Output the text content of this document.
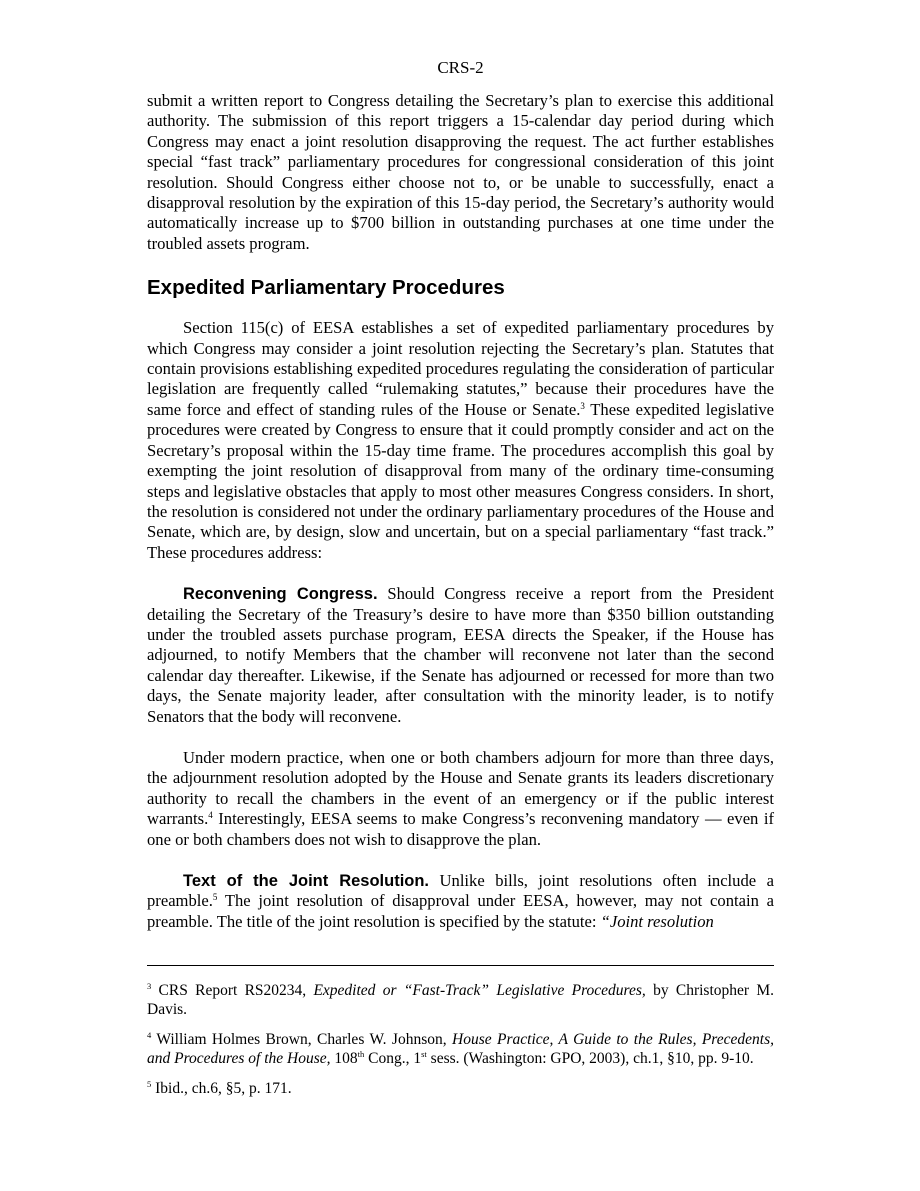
CRS-2

submit a written report to Congress detailing the Secretary’s plan to exercise this additional authority. The submission of this report triggers a 15-calendar day period during which Congress may enact a joint resolution disapproving the request. The act further establishes special “fast track” parliamentary procedures for congressional consideration of this joint resolution. Should Congress either choose not to, or be unable to successfully, enact a disapproval resolution by the expiration of this 15-day period, the Secretary’s authority would automatically increase up to $700 billion in outstanding purchases at one time under the troubled assets program.

Expedited Parliamentary Procedures

Section 115(c) of EESA establishes a set of expedited parliamentary procedures by which Congress may consider a joint resolution rejecting the Secretary’s plan. Statutes that contain provisions establishing expedited procedures regulating the consideration of particular legislation are frequently called “rulemaking statutes,” because their procedures have the same force and effect of standing rules of the House or Senate.$^3$ These expedited legislative procedures were created by Congress to ensure that it could promptly consider and act on the Secretary’s proposal within the 15-day time frame. The procedures accomplish this goal by exempting the joint resolution of disapproval from many of the ordinary time-consuming steps and legislative obstacles that apply to most other measures Congress considers. In short, the resolution is considered not under the ordinary parliamentary procedures of the House and Senate, which are, by design, slow and uncertain, but on a special parliamentary “fast track.” These procedures address:

Reconvening Congress. Should Congress receive a report from the President detailing the Secretary of the Treasury’s desire to have more than $350 billion outstanding under the troubled assets purchase program, EESA directs the Speaker, if the House has adjourned, to notify Members that the chamber will reconvene not later than the second calendar day thereafter. Likewise, if the Senate has adjourned or recessed for more than two days, the Senate majority leader, after consultation with the minority leader, is to notify Senators that the body will reconvene.

Under modern practice, when one or both chambers adjourn for more than three days, the adjournment resolution adopted by the House and Senate grants its leaders discretionary authority to recall the chambers in the event of an emergency or if the public interest warrants.$^4$ Interestingly, EESA seems to make Congress’s reconvening mandatory — even if one or both chambers does not wish to disapprove the plan.

Text of the Joint Resolution. Unlike bills, joint resolutions often include a preamble.$^5$ The joint resolution of disapproval under EESA, however, may not contain a preamble. The title of the joint resolution is specified by the statute: “Joint resolution

$^3$ CRS Report RS20234, Expedited or “Fast-Track” Legislative Procedures, by Christopher M. Davis.
$^4$ William Holmes Brown, Charles W. Johnson, House Practice, A Guide to the Rules, Precedents, and Procedures of the House, 108th Cong., 1st sess. (Washington: GPO, 2003), ch.1, §10, pp. 9-10.
$^5$ Ibid., ch.6, §5, p. 171.
